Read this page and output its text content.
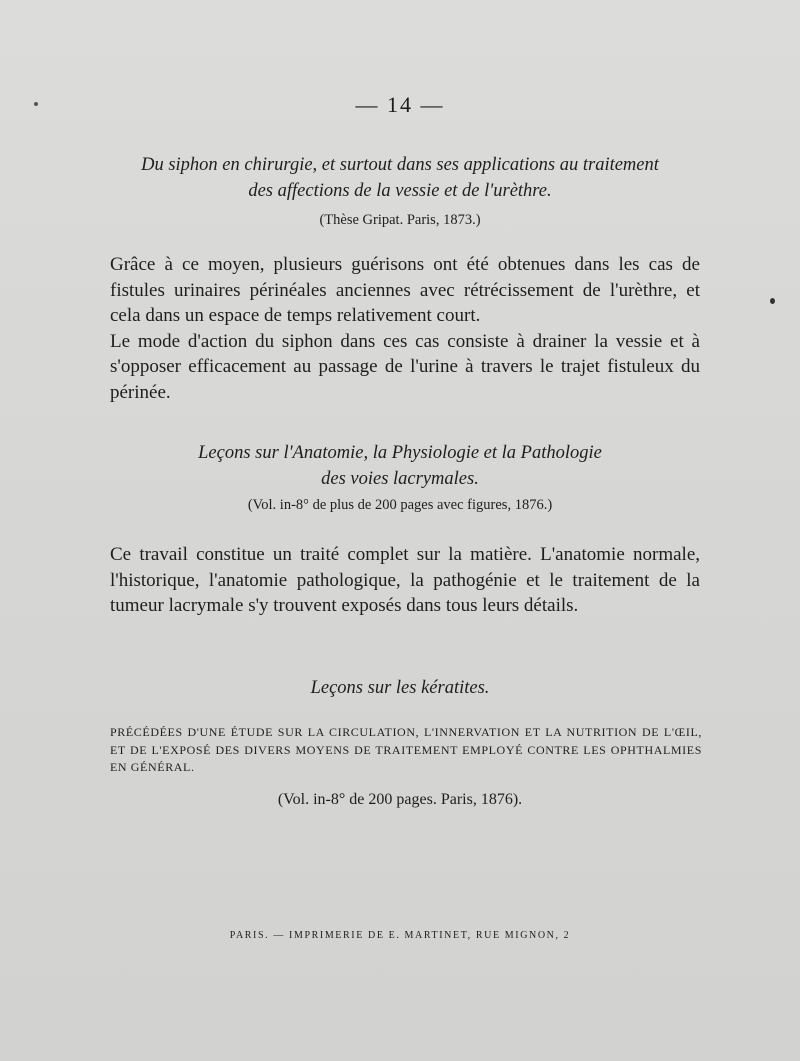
— 14 —
Du siphon en chirurgie, et surtout dans ses applications au traitement
des affections de la vessie et de l'urèthre.
(Thèse Gripat. Paris, 1873.)

Grâce à ce moyen, plusieurs guérisons ont été obtenues dans les cas de fistules urinaires périnéales anciennes avec rétrécissement de l'urèthre, et cela dans un espace de temps relativement court.

Le mode d'action du siphon dans ces cas consiste à drainer la vessie et à s'opposer efficacement au passage de l'urine à travers le trajet fistuleux du périnée.

Leçons sur l'Anatomie, la Physiologie et la Pathologie
des voies lacrymales.
(Vol. in-8° de plus de 200 pages avec figures, 1876.)

Ce travail constitue un traité complet sur la matière. L'anatomie normale, l'historique, l'anatomie pathologique, la pathogénie et le traitement de la tumeur lacrymale s'y trouvent exposés dans tous leurs détails.

Leçons sur les kératites.
PRÉCÉDÉES D'UNE ÉTUDE SUR LA CIRCULATION, L'INNERVATION ET LA NUTRITION DE L'ŒIL, ET DE L'EXPOSÉ DES DIVERS MOYENS DE TRAITEMENT EMPLOYÉ CONTRE LES OPHTHALMIES EN GÉNÉRAL.
(Vol. in-8° de 200 pages. Paris, 1876).
PARIS. — IMPRIMERIE DE E. MARTINET, RUE MIGNON, 2
